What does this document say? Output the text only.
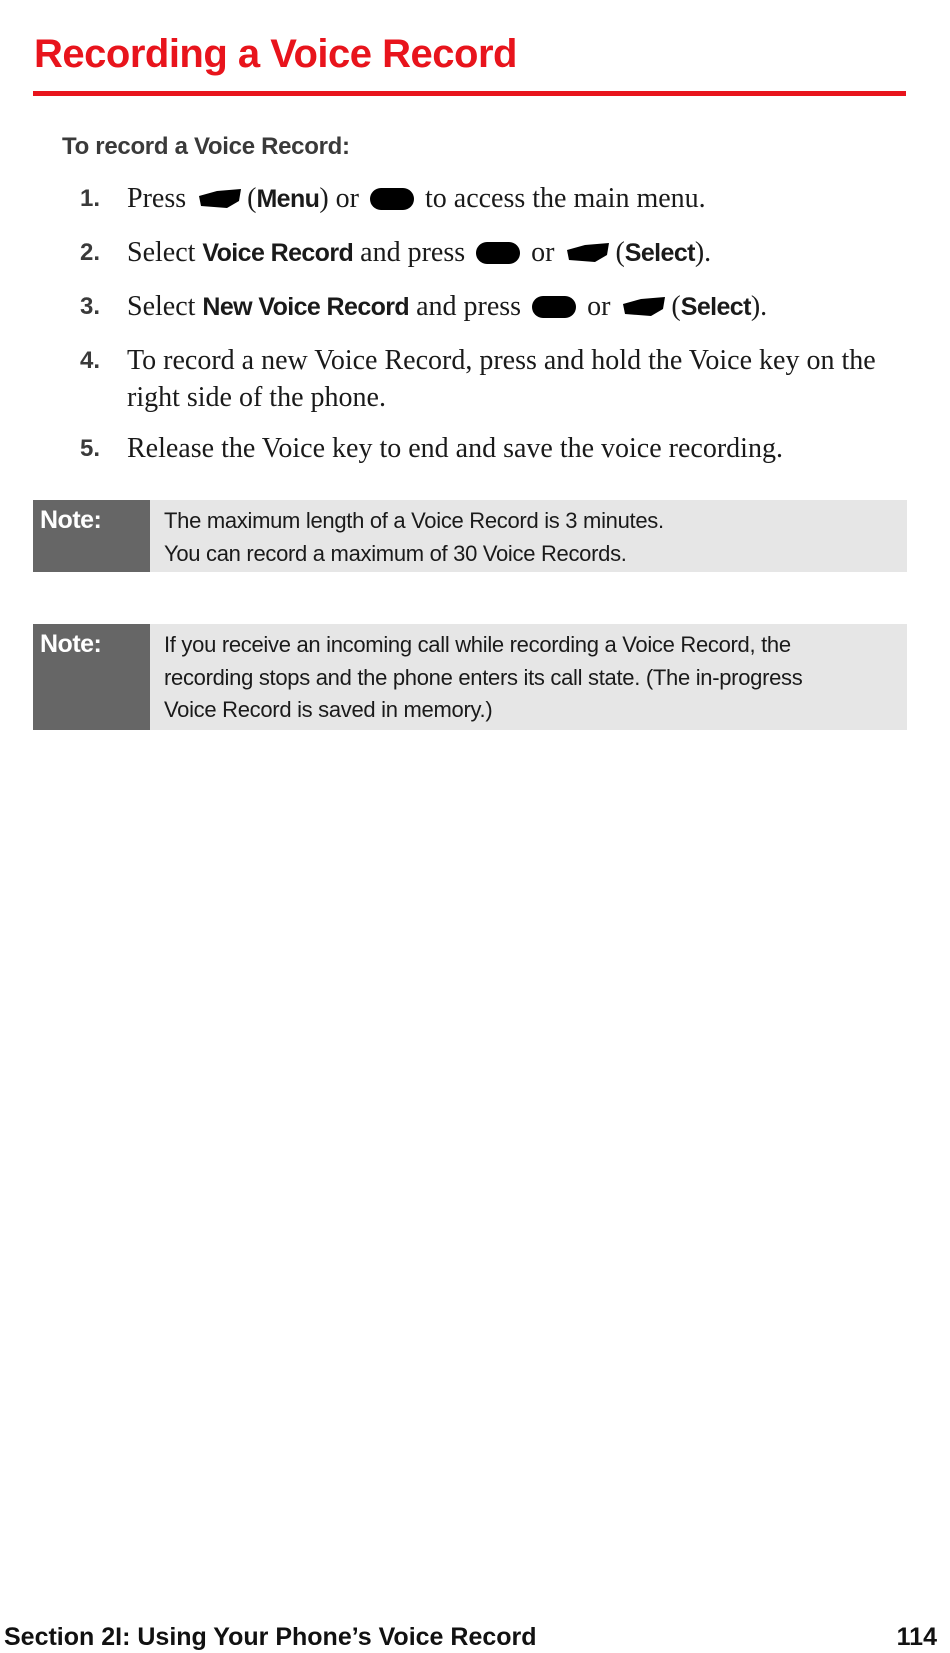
Recording a Voice Record

To record a Voice Record:

1. Press (Menu) or to access the main menu.
2. Select Voice Record and press or (Select).
3. Select New Voice Record and press or (Select).
4. To record a new Voice Record, press and hold the Voice key on the right side of the phone.
5. Release the Voice key to end and save the voice recording.
Note:	The maximum length of a Voice Record is 3 minutes.

You can record a maximum of 30 Voice Records.

Note:	If you receive an incoming call while recording a Voice Record, the

recording stops and the phone enters its call state. (The in-progress

Voice Record is saved in memory.)

Section 2I: Using Your Phone’s Voice Record	114
